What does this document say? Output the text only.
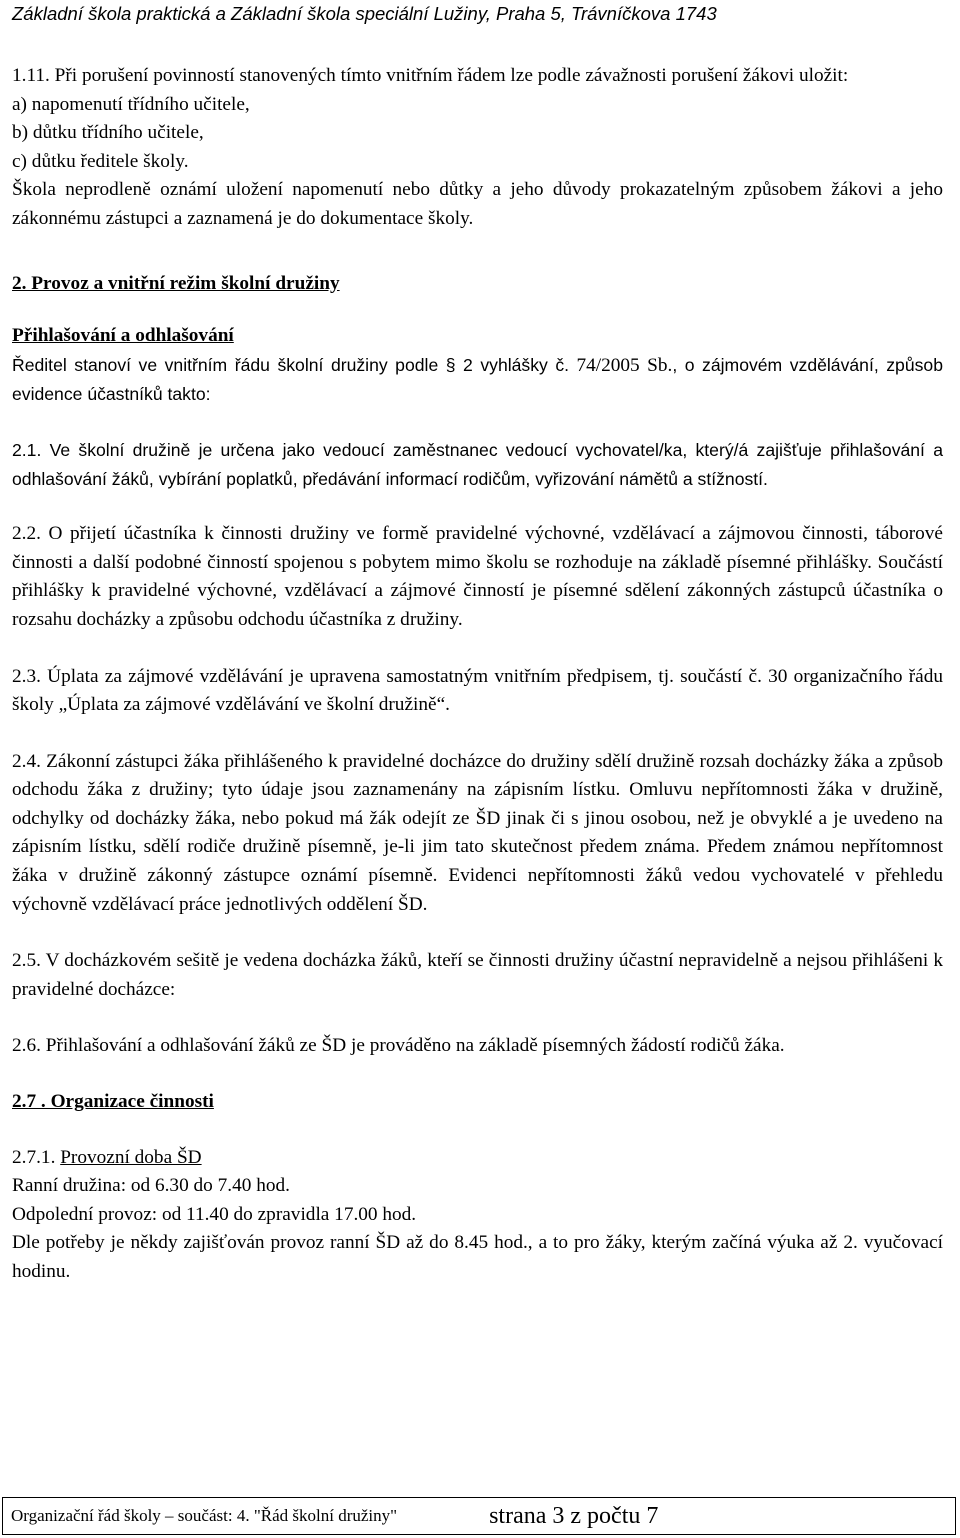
Základní škola praktická a Základní škola speciální Lužiny, Praha 5, Trávníčkova 1743

1.11. Při porušení povinností stanovených tímto vnitřním řádem lze podle závažnosti porušení žákovi uložit:

a) napomenutí třídního učitele,

b) důtku třídního učitele,

c) důtku ředitele školy.

Škola neprodleně oznámí uložení napomenutí nebo důtky a jeho důvody prokazatelným způsobem žákovi a jeho zákonnému zástupci a zaznamená je do dokumentace školy.

2. Provoz a vnitřní režim školní družiny

Přihlašování a odhlašování

Ředitel stanoví ve vnitřním řádu školní družiny podle § 2 vyhlášky č. 74/2005 Sb., o zájmovém vzdělávání, způsob evidence účastníků takto:

2.1. Ve školní družině je určena jako vedoucí zaměstnanec vedoucí vychovatel/ka, který/á zajišťuje přihlašování a odhlašování žáků, vybírání poplatků, předávání informací rodičům, vyřizování námětů a stížností.

2.2. O přijetí účastníka k činnosti družiny ve formě pravidelné výchovné, vzdělávací a zájmovou činnosti, táborové činnosti a další podobné činností spojenou s pobytem mimo školu se rozhoduje na základě písemné přihlášky. Součástí přihlášky k pravidelné výchovné, vzdělávací a zájmové činností je písemné sdělení zákonných zástupců účastníka o rozsahu docházky a způsobu odchodu účastníka z družiny.

2.3. Úplata za zájmové vzdělávání je upravena samostatným vnitřním předpisem, tj. součástí č. 30 organizačního řádu školy „Úplata za zájmové vzdělávání ve školní družině“.

2.4. Zákonní zástupci žáka přihlášeného k pravidelné docházce do družiny sdělí družině rozsah docházky žáka a způsob odchodu žáka z družiny; tyto údaje jsou zaznamenány na zápisním lístku. Omluvu nepřítomnosti žáka v družině, odchylky od docházky žáka, nebo pokud má žák odejít ze ŠD jinak či s jinou osobou, než je obvyklé a je uvedeno na zápisním lístku, sdělí rodiče družině písemně, je-li jim tato skutečnost předem známa. Předem známou nepřítomnost žáka v družině zákonný zástupce oznámí písemně. Evidenci nepřítomnosti žáků vedou vychovatelé v přehledu výchovně vzdělávací práce jednotlivých oddělení ŠD.

2.5. V docházkovém sešitě je vedena docházka žáků, kteří se činnosti družiny účastní nepravidelně a nejsou přihlášeni k pravidelné docházce:

2.6. Přihlašování a odhlašování žáků ze ŠD je prováděno na základě písemných žádostí rodičů žáka.

2.7 . Organizace činnosti

2.7.1. Provozní doba ŠD

Ranní družina: od 6.30 do 7.40 hod.

Odpolední provoz: od 11.40 do zpravidla 17.00 hod.

Dle potřeby je někdy zajišťován provoz ranní ŠD až do 8.45 hod., a to pro žáky, kterým začíná výuka až 2. vyučovací hodinu.

Organizační řád školy – součást: 4. "Řád školní družiny"	strana 3 z počtu 7
